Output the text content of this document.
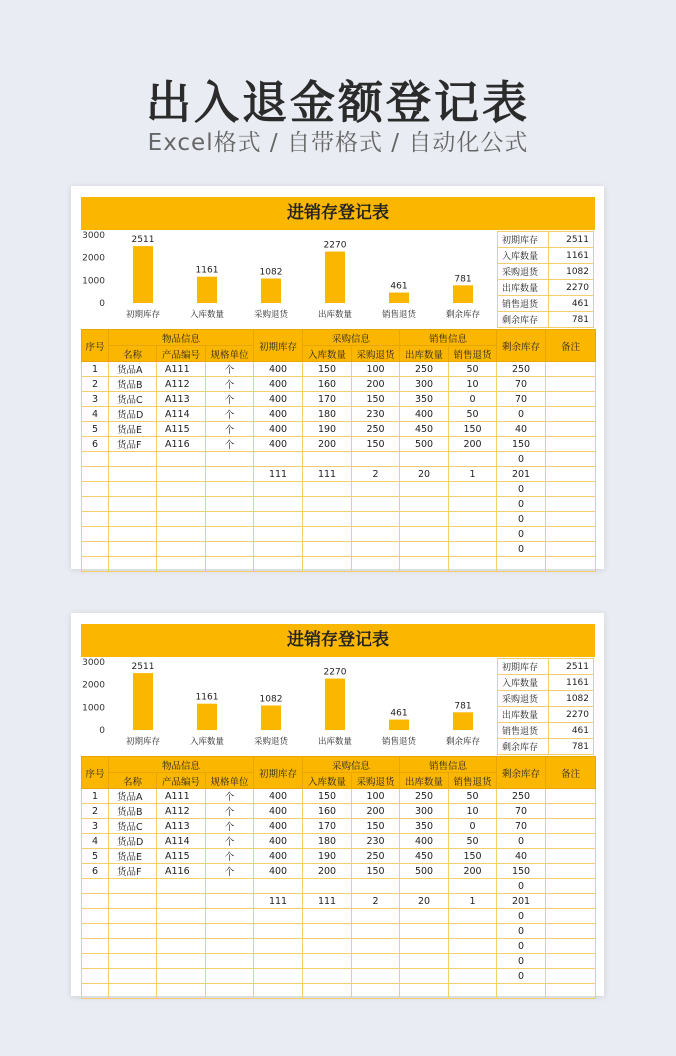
出入退金额登记表
Excel格式 / 自带格式 / 自动化公式
进销存登记表
3000
2000
1000
0
2511
初期库存
1161
入库数量
1082
采购退货
2270
出库数量
461
销售退货
781
剩余库存
初期库存	2511
入库数量	1161
采购退货	1082
出库数量	2270
销售退货	461
剩余库存	781
序号	物品信息			初期库存	采购信息		销售信息		剩余库存	备注
	名称	产品编号	规格单位		入库数量	采购退货	出库数量	销售退货		
1	货品A	A111	个	400	150	100	250	50	250	
2	货品B	A112	个	400	160	200	300	10	70	
3	货品C	A113	个	400	170	150	350	0	70	
4	货品D	A114	个	400	180	230	400	50	0	
5	货品E	A115	个	400	190	250	450	150	40	
6	货品F	A116	个	400	200	150	500	200	150	
									0	
				111	111	2	20	1	201	
									0	
									0	
									0	
									0	
									0	

进销存登记表
3000
2000
1000
0
2511
初期库存
1161
入库数量
1082
采购退货
2270
出库数量
461
销售退货
781
剩余库存
初期库存	2511
入库数量	1161
采购退货	1082
出库数量	2270
销售退货	461
剩余库存	781
序号	物品信息			初期库存	采购信息		销售信息		剩余库存	备注
	名称	产品编号	规格单位		入库数量	采购退货	出库数量	销售退货		
1	货品A	A111	个	400	150	100	250	50	250	
2	货品B	A112	个	400	160	200	300	10	70	
3	货品C	A113	个	400	170	150	350	0	70	
4	货品D	A114	个	400	180	230	400	50	0	
5	货品E	A115	个	400	190	250	450	150	40	
6	货品F	A116	个	400	200	150	500	200	150	
									0	
				111	111	2	20	1	201	
									0	
									0	
									0	
									0	
									0	
